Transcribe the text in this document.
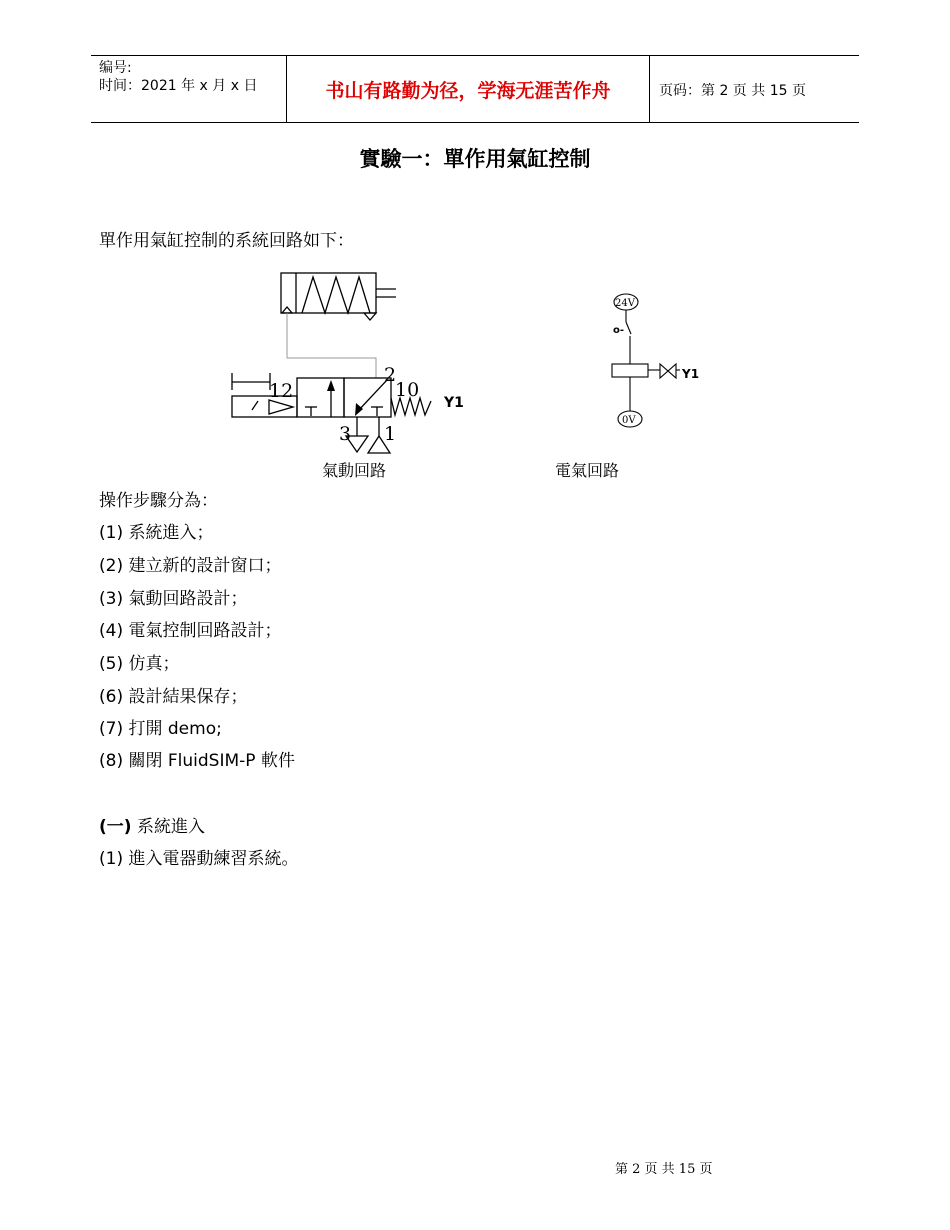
编号:
时间：2021 年 x 月 x 日	书山有路勤为径，学海无涯苦作舟	页码：第 2 页 共 15 页
實驗一：單作用氣缸控制
單作用氣缸控制的系統回路如下：
12
2
10
3 1
Y1
氣動回路
24V
o-
0V
Y1
電氣回路
操作步驟分為：
(1) 系統進入；
(2) 建立新的設計窗口；
(3) 氣動回路設計；
(4) 電氣控制回路設計；
(5) 仿真；
(6) 設計結果保存；
(7) 打開 demo;
(8) 關閉 FluidSIM-P 軟件
(一) 系統進入
(1) 進入電器動練習系統。
第 2 页 共 15 页
